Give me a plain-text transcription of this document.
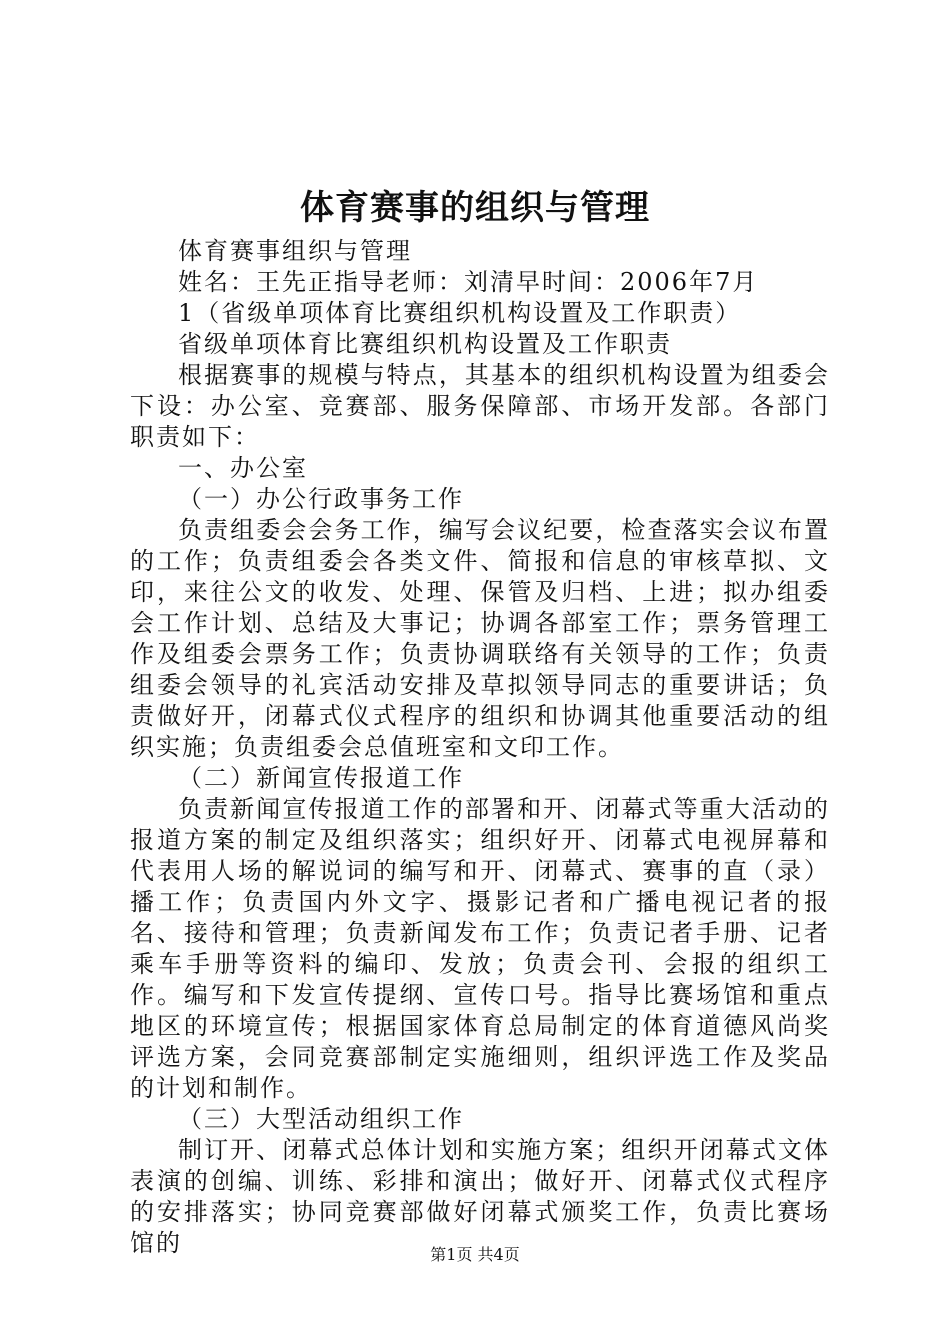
体育赛事的组织与管理

体育赛事组织与管理

姓名：王先正指导老师：刘清早时间：2006年7月

1（省级单项体育比赛组织机构设置及工作职责）

省级单项体育比赛组织机构设置及工作职责

根据赛事的规模与特点，其基本的组织机构设置为组委会下设：办公室、竞赛部、服务保障部、市场开发部。各部门职责如下：

一、办公室

（一）办公行政事务工作

负责组委会会务工作，编写会议纪要，检查落实会议布置的工作；负责组委会各类文件、简报和信息的审核草拟、文印，来往公文的收发、处理、保管及归档、上进；拟办组委会工作计划、总结及大事记；协调各部室工作；票务管理工作及组委会票务工作；负责协调联络有关领导的工作；负责组委会领导的礼宾活动安排及草拟领导同志的重要讲话；负责做好开，闭幕式仪式程序的组织和协调其他重要活动的组织实施；负责组委会总值班室和文印工作。

（二）新闻宣传报道工作

负责新闻宣传报道工作的部署和开、闭幕式等重大活动的报道方案的制定及组织落实；组织好开、闭幕式电视屏幕和代表用人场的解说词的编写和开、闭幕式、赛事的直（录）播工作；负责国内外文字、摄影记者和广播电视记者的报名、接待和管理；负责新闻发布工作；负责记者手册、记者乘车手册等资料的编印、发放；负责会刊、会报的组织工作。编写和下发宣传提纲、宣传口号。指导比赛场馆和重点地区的环境宣传；根据国家体育总局制定的体育道德风尚奖评选方案，会同竞赛部制定实施细则，组织评选工作及奖品的计划和制作。

（三）大型活动组织工作

制订开、闭幕式总体计划和实施方案；组织开闭幕式文体表演的创编、训练、彩排和演出；做好开、闭幕式仪式程序的安排落实；协同竞赛部做好闭幕式颁奖工作，负责比赛场馆的	第1页 共4页
